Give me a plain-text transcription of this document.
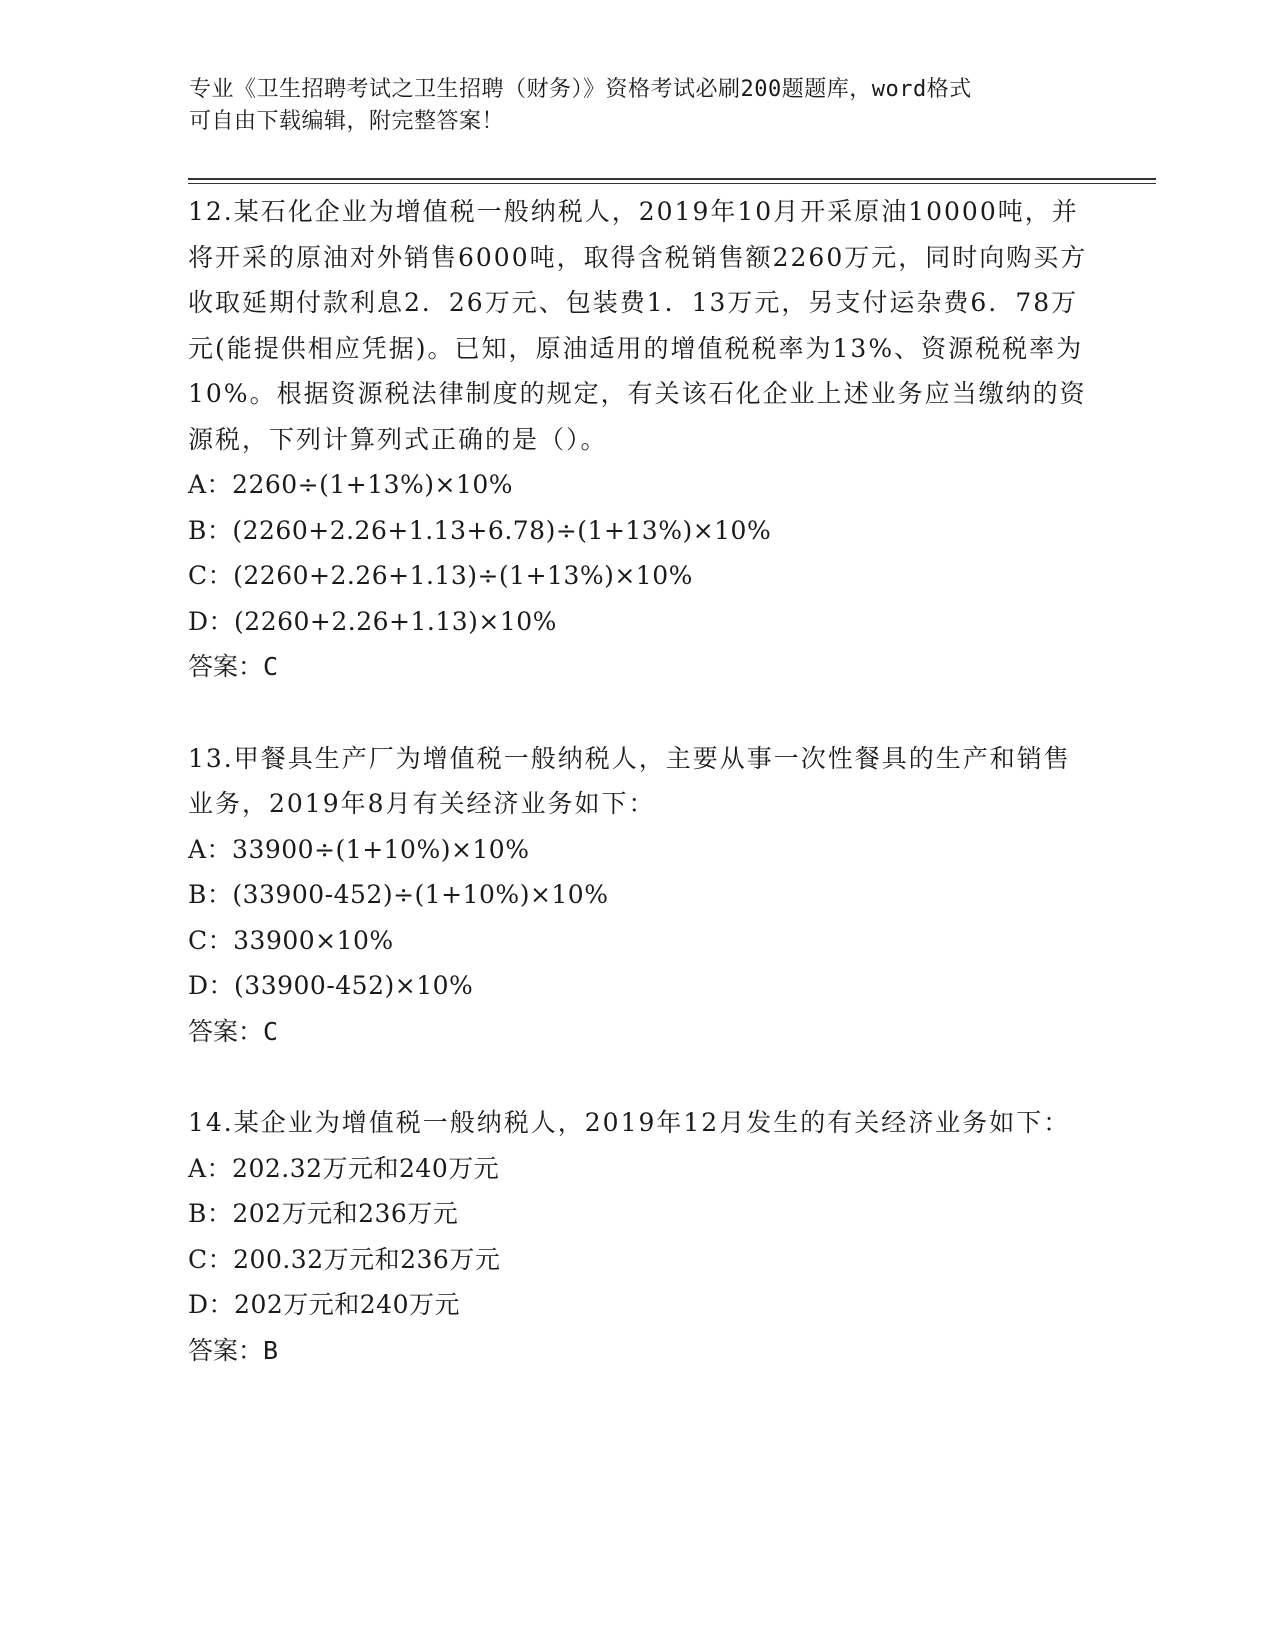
专业《卫生招聘考试之卫生招聘（财务）》资格考试必刷200题题库，word格式
可自由下载编辑，附完整答案！

12.某石化企业为增值税一般纳税人，2019年10月开采原油10000吨，并将开采的原油对外销售6000吨，取得含税销售额2260万元，同时向购买方收取延期付款利息2．26万元、包装费1．13万元，另支付运杂费6．78万元(能提供相应凭据)。已知，原油适用的增值税税率为13%、资源税税率为10%。根据资源税法律制度的规定，有关该石化企业上述业务应当缴纳的资源税，下列计算列式正确的是（）。

A：2260÷(1+13%)×10%

B：(2260+2.26+1.13+6.78)÷(1+13%)×10%

C：(2260+2.26+1.13)÷(1+13%)×10%

D：(2260+2.26+1.13)×10%

答案：C

13.甲餐具生产厂为增值税一般纳税人，主要从事一次性餐具的生产和销售业务，2019年8月有关经济业务如下：

A：33900÷(1+10%)×10%

B：(33900-452)÷(1+10%)×10%

C：33900×10%

D：(33900-452)×10%

答案：C

14.某企业为增值税一般纳税人，2019年12月发生的有关经济业务如下：

A：202.32万元和240万元

B：202万元和236万元

C：200.32万元和236万元

D：202万元和240万元

答案：B
